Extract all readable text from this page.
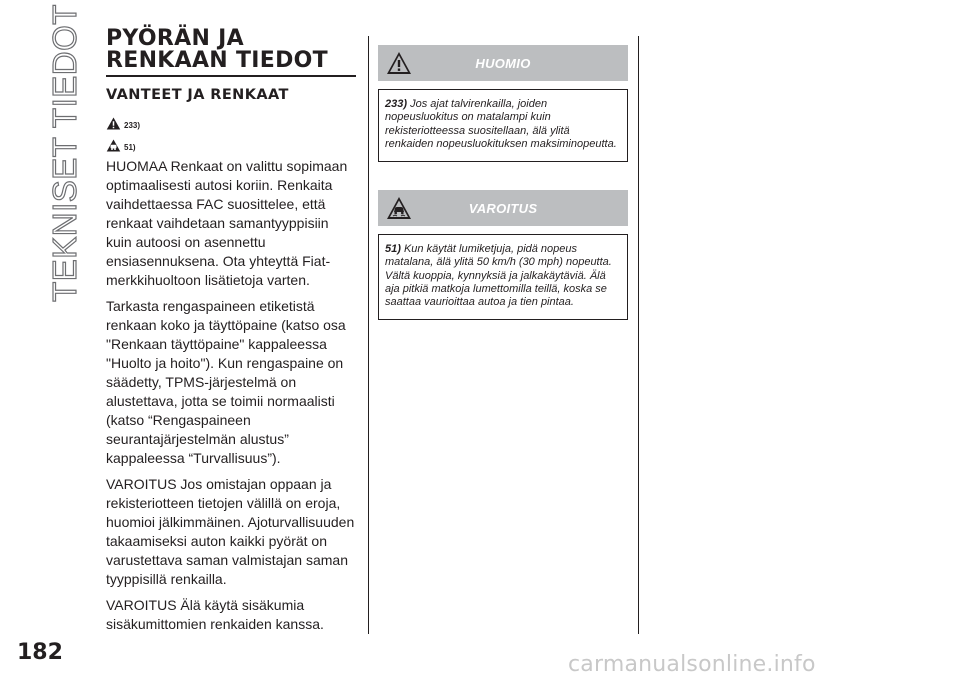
TEKNISET TIEDOT PYÖRÄN JA
RENKAAN TIEDOT
VANTEET JA RENKAAT
233)
51)

HUOMAA Renkaat on valittu sopimaan optimaalisesti autosi koriin. Renkaita vaihdettaessa FAC suosittelee, että renkaat vaihdetaan samantyyppisiin kuin autoosi on asennettu ensiasennuksena. Ota yhteyttä Fiat-merkkihuoltoon lisätietoja varten.

Tarkasta rengaspaineen etiketistä renkaan koko ja täyttöpaine (katso osa "Renkaan täyttöpaine" kappaleessa "Huolto ja hoito"). Kun rengaspaine on säädetty, TPMS-järjestelmä on alustettava, jotta se toimii normaalisti (katso “Rengaspaineen seurantajärjestelmän alustus” kappaleessa “Turvallisuus”).

VAROITUS Jos omistajan oppaan ja rekisteriotteen tietojen välillä on eroja, huomioi jälkimmäinen. Ajoturvallisuuden takaamiseksi auton kaikki pyörät on varustettava saman valmistajan saman tyyppisillä renkailla.

VAROITUS Älä käytä sisäkumia sisäkumittomien renkaiden kanssa.

HUOMIO
233) Jos ajat talvirenkailla, joiden nopeusluokitus on matalampi kuin rekisteriotteessa suositellaan, älä ylitä renkaiden nopeusluokituksen maksiminopeutta.
VAROITUS
51) Kun käytät lumiketjuja, pidä nopeus matalana, älä ylitä 50 km/h (30 mph) nopeutta. Vältä kuoppia, kynnyksiä ja jalkakäytäviä. Älä aja pitkiä matkoja lumettomilla teillä, koska se saattaa vaurioittaa autoa ja tien pintaa.
182	carmanualsonline.info
